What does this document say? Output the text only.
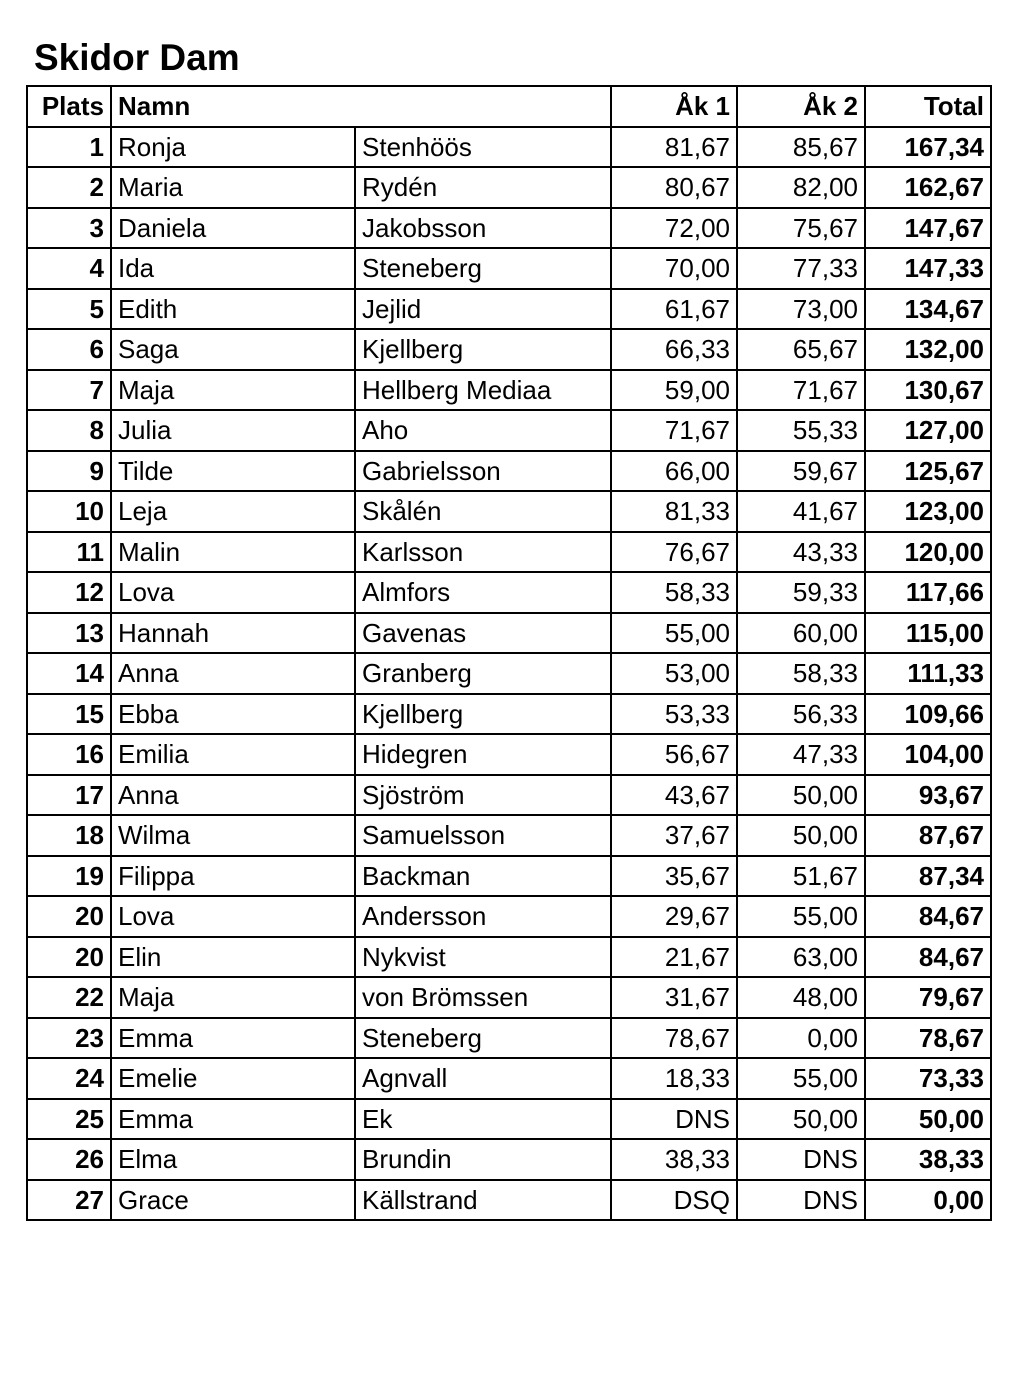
Skidor Dam
Plats	Namn		Åk 1	Åk 2	Total
1	Ronja	Stenhöös	81,67	85,67	167,34
2	Maria	Rydén	80,67	82,00	162,67
3	Daniela	Jakobsson	72,00	75,67	147,67
4	Ida	Steneberg	70,00	77,33	147,33
5	Edith	Jejlid	61,67	73,00	134,67
6	Saga	Kjellberg	66,33	65,67	132,00
7	Maja	Hellberg Mediaa	59,00	71,67	130,67
8	Julia	Aho	71,67	55,33	127,00
9	Tilde	Gabrielsson	66,00	59,67	125,67
10	Leja	Skålén	81,33	41,67	123,00
11	Malin	Karlsson	76,67	43,33	120,00
12	Lova	Almfors	58,33	59,33	117,66
13	Hannah	Gavenas	55,00	60,00	115,00
14	Anna	Granberg	53,00	58,33	111,33
15	Ebba	Kjellberg	53,33	56,33	109,66
16	Emilia	Hidegren	56,67	47,33	104,00
17	Anna	Sjöström	43,67	50,00	93,67
18	Wilma	Samuelsson	37,67	50,00	87,67
19	Filippa	Backman	35,67	51,67	87,34
20	Lova	Andersson	29,67	55,00	84,67
20	Elin	Nykvist	21,67	63,00	84,67
22	Maja	von Brömssen	31,67	48,00	79,67
23	Emma	Steneberg	78,67	0,00	78,67
24	Emelie	Agnvall	18,33	55,00	73,33
25	Emma	Ek	DNS	50,00	50,00
26	Elma	Brundin	38,33	DNS	38,33
27	Grace	Källstrand	DSQ	DNS	0,00
